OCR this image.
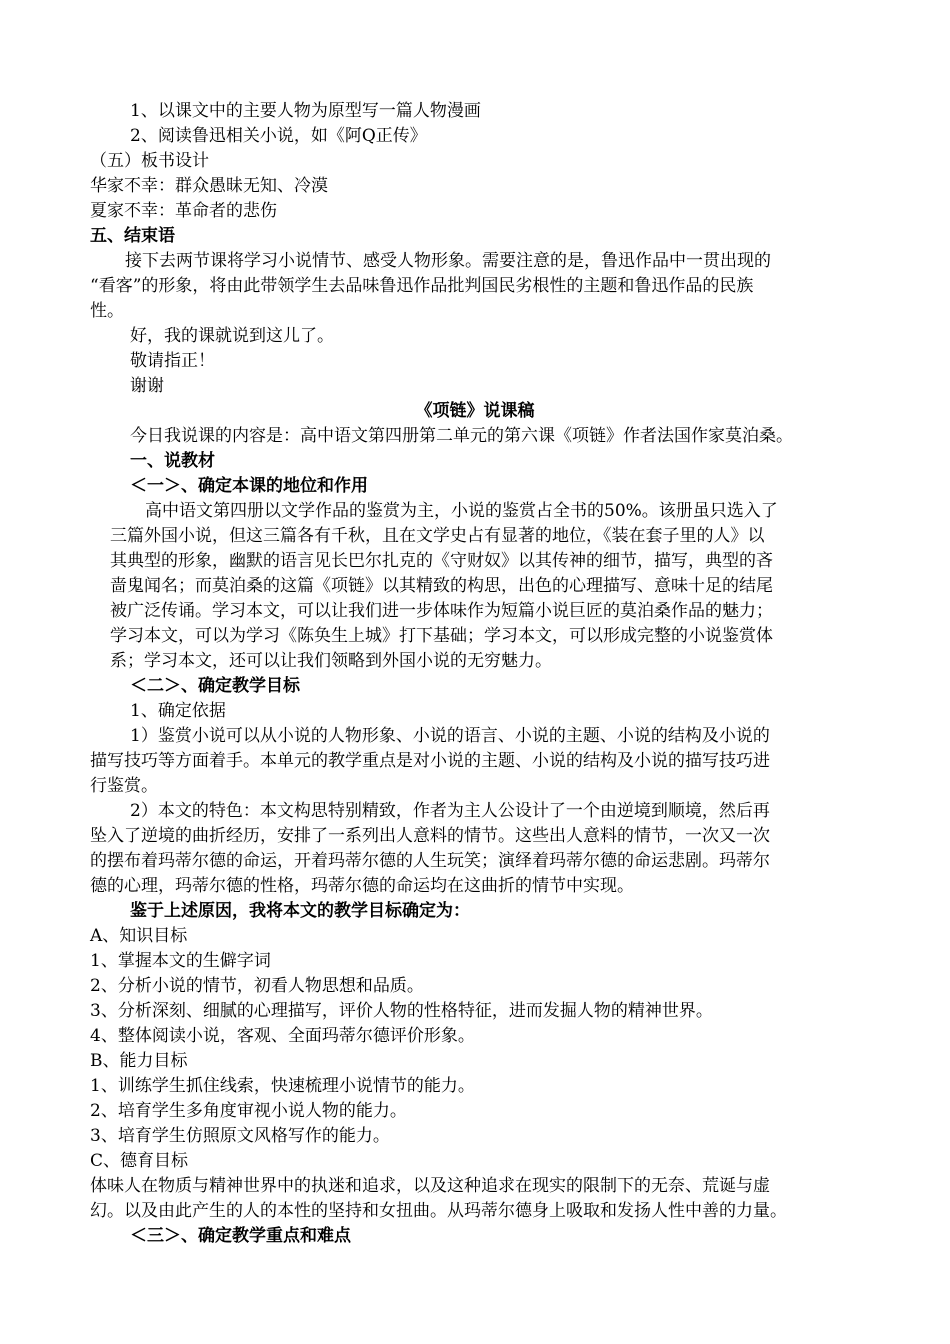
1、以课文中的主要人物为原型写一篇人物漫画
2、阅读鲁迅相关小说，如《阿Q正传》
（五）板书设计
华家不幸：群众愚昧无知、冷漠
夏家不幸：革命者的悲伤
五、结束语
接下去两节课将学习小说情节、感受人物形象。需要注意的是，鲁迅作品中一贯出现的
“看客”的形象，将由此带领学生去品味鲁迅作品批判国民劣根性的主题和鲁迅作品的民族
性。
好，我的课就说到这儿了。
敬请指正！
谢谢
《项链》说课稿
今日我说课的内容是：高中语文第四册第二单元的第六课《项链》作者法国作家莫泊桑。
一、说教材
＜一＞、确定本课的地位和作用
高中语文第四册以文学作品的鉴赏为主，小说的鉴赏占全书的50%。该册虽只选入了
三篇外国小说，但这三篇各有千秋，且在文学史占有显著的地位，《装在套子里的人》以
其典型的形象，幽默的语言见长巴尔扎克的《守财奴》以其传神的细节，描写，典型的吝
啬鬼闻名；而莫泊桑的这篇《项链》以其精致的构思，出色的心理描写、意味十足的结尾
被广泛传诵。学习本文，可以让我们进一步体味作为短篇小说巨匠的莫泊桑作品的魅力；
学习本文，可以为学习《陈奂生上城》打下基础；学习本文，可以形成完整的小说鉴赏体
系；学习本文，还可以让我们领略到外国小说的无穷魅力。
＜二＞、确定教学目标
1、确定依据
1）鉴赏小说可以从小说的人物形象、小说的语言、小说的主题、小说的结构及小说的
描写技巧等方面着手。本单元的教学重点是对小说的主题、小说的结构及小说的描写技巧进
行鉴赏。
2）本文的特色：本文构思特别精致，作者为主人公设计了一个由逆境到顺境，然后再
坠入了逆境的曲折经历，安排了一系列出人意料的情节。这些出人意料的情节，一次又一次
的摆布着玛蒂尔德的命运，开着玛蒂尔德的人生玩笑；演绎着玛蒂尔德的命运悲剧。玛蒂尔
德的心理，玛蒂尔德的性格，玛蒂尔德的命运均在这曲折的情节中实现。
鉴于上述原因，我将本文的教学目标确定为：
A、知识目标
1、掌握本文的生僻字词
2、分析小说的情节，初看人物思想和品质。
3、分析深刻、细腻的心理描写，评价人物的性格特征，进而发掘人物的精神世界。
4、整体阅读小说，客观、全面玛蒂尔德评价形象。
B、能力目标
1、训练学生抓住线索，快速梳理小说情节的能力。
2、培育学生多角度审视小说人物的能力。
3、培育学生仿照原文风格写作的能力。
C、德育目标
体味人在物质与精神世界中的执迷和追求，以及这种追求在现实的限制下的无奈、荒诞与虚
幻。以及由此产生的人的本性的坚持和女扭曲。从玛蒂尔德身上吸取和发扬人性中善的力量。
＜三＞、确定教学重点和难点
